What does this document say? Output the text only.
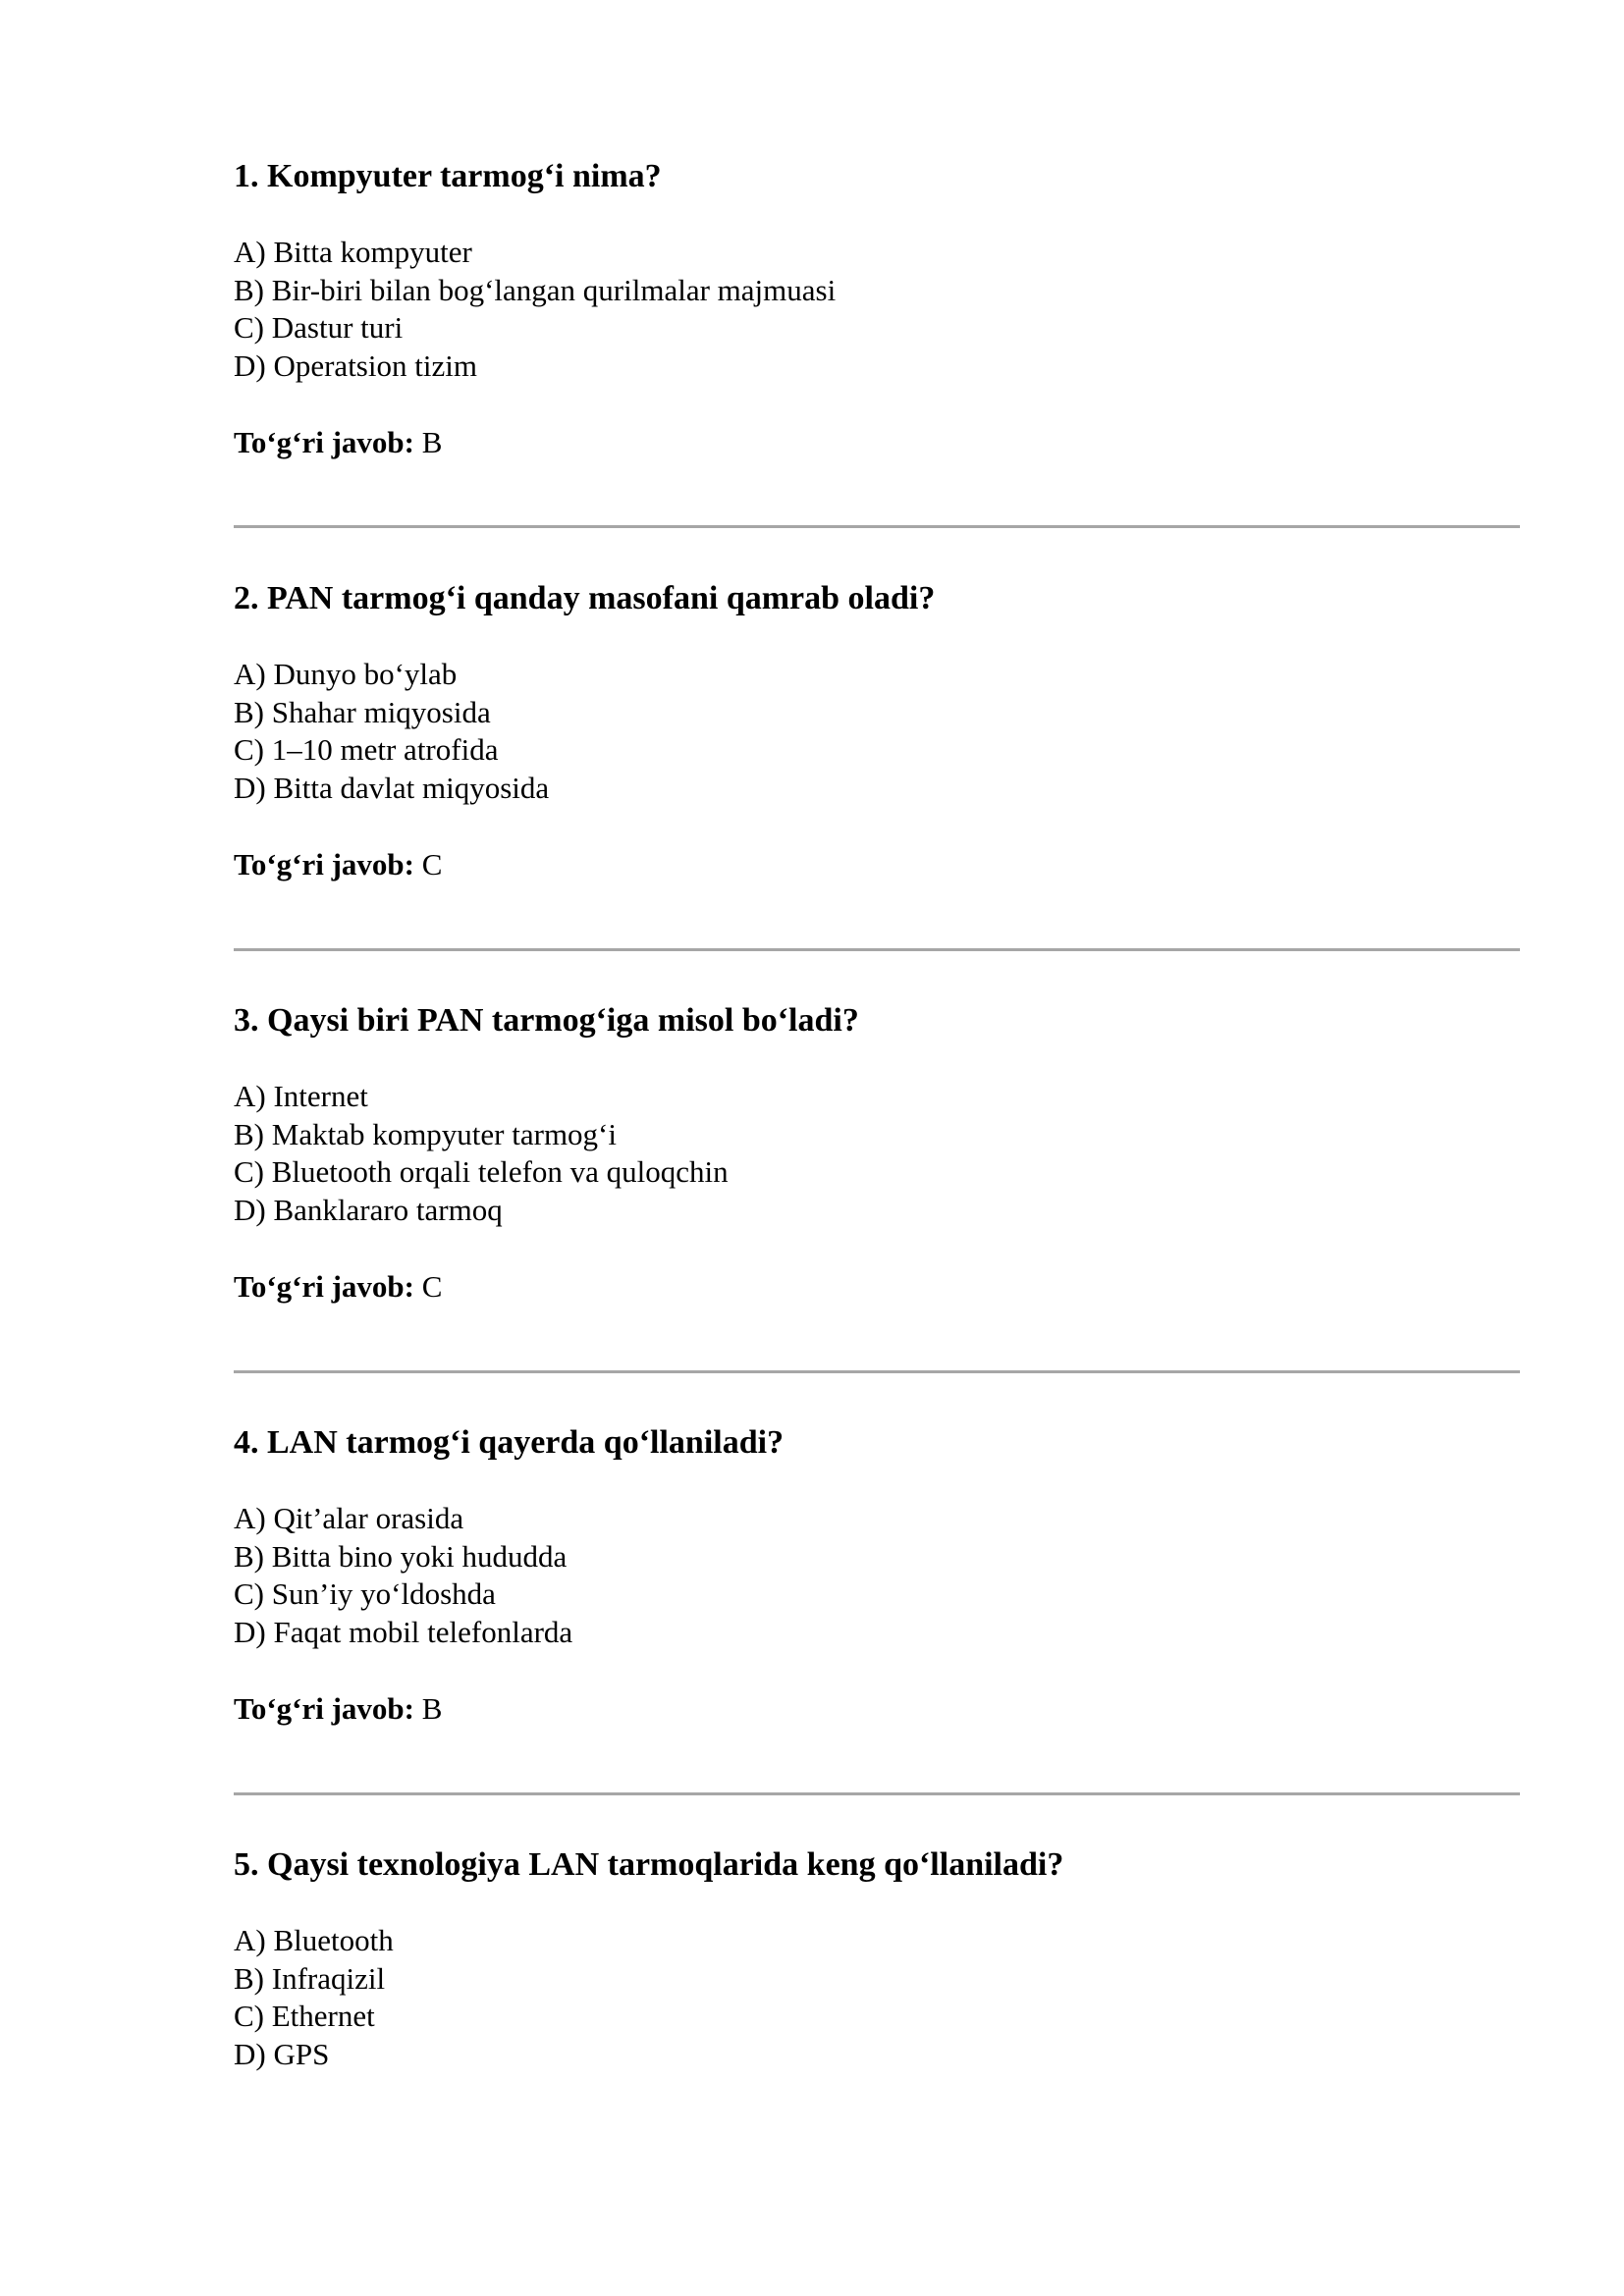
1. Kompyuter tarmog‘i nima?
A) Bitta kompyuter
B) Bir-biri bilan bog‘langan qurilmalar majmuasi
C) Dastur turi
D) Operatsion tizim
To‘g‘ri javob: B
2. PAN tarmog‘i qanday masofani qamrab oladi?
A) Dunyo bo‘ylab
B) Shahar miqyosida
C) 1–10 metr atrofida
D) Bitta davlat miqyosida
To‘g‘ri javob: C
3. Qaysi biri PAN tarmog‘iga misol bo‘ladi?
A) Internet
B) Maktab kompyuter tarmog‘i
C) Bluetooth orqali telefon va quloqchin
D) Banklararo tarmoq
To‘g‘ri javob: C
4. LAN tarmog‘i qayerda qo‘llaniladi?
A) Qit’alar orasida
B) Bitta bino yoki hududda
C) Sun’iy yo‘ldoshda
D) Faqat mobil telefonlarda
To‘g‘ri javob: B
5. Qaysi texnologiya LAN tarmoqlarida keng qo‘llaniladi?
A) Bluetooth
B) Infraqizil
C) Ethernet
D) GPS
